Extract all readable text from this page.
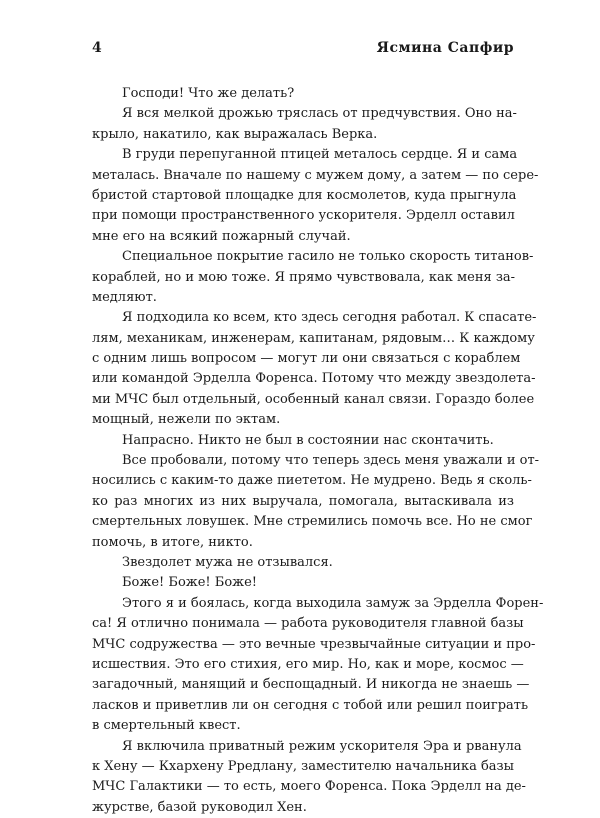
4	Ясмина Сапфир
Господи! Что же делать?
Я вся мелкой дрожью тряслась от предчувствия. Оно на-
крыло, накатило, как выражалась Верка.
В груди перепуганной птицей металось сердце. Я и сама
металась. Вначале по нашему с мужем дому, а затем — по сере-
бристой стартовой площадке для космолетов, куда прыгнула
при помощи пространственного ускорителя. Эрделл оставил
мне его на всякий пожарный случай.
Специальное покрытие гасило не только скорость титанов-
кораблей, но и мою тоже. Я прямо чувствовала, как меня за-
медляют.
Я подходила ко всем, кто здесь сегодня работал. К спасате-
лям, механикам, инженерам, капитанам, рядовым… К каждому
с одним лишь вопросом — могут ли они связаться с кораблем
или командой Эрделла Форенса. Потому что между звездолета-
ми МЧС был отдельный, особенный канал связи. Гораздо более
мощный, нежели по эктам.
Напрасно. Никто не был в состоянии нас сконтачить.
Все пробовали, потому что теперь здесь меня уважали и от-
носились с каким-то даже пиететом. Не мудрено. Ведь я сколь-
ко раз многих из них выручала, помогала, вытаскивала из
смертельных ловушек. Мне стремились помочь все. Но не смог
помочь, в итоге, никто.
Звездолет мужа не отзывался.
Боже! Боже! Боже!
Этого я и боялась, когда выходила замуж за Эрделла Форен-
са! Я отлично понимала — работа руководителя главной базы
МЧС содружества — это вечные чрезвычайные ситуации и про-
исшествия. Это его стихия, его мир. Но, как и море, космос —
загадочный, манящий и беспощадный. И никогда не знаешь —
ласков и приветлив ли он сегодня с тобой или решил поиграть
в смертельный квест.
Я включила приватный режим ускорителя Эра и рванула
к Хену — Кхархену Рредлану, заместителю начальника базы
МЧС Галактики — то есть, моего Форенса. Пока Эрделл на де-
журстве, базой руководил Хен.
